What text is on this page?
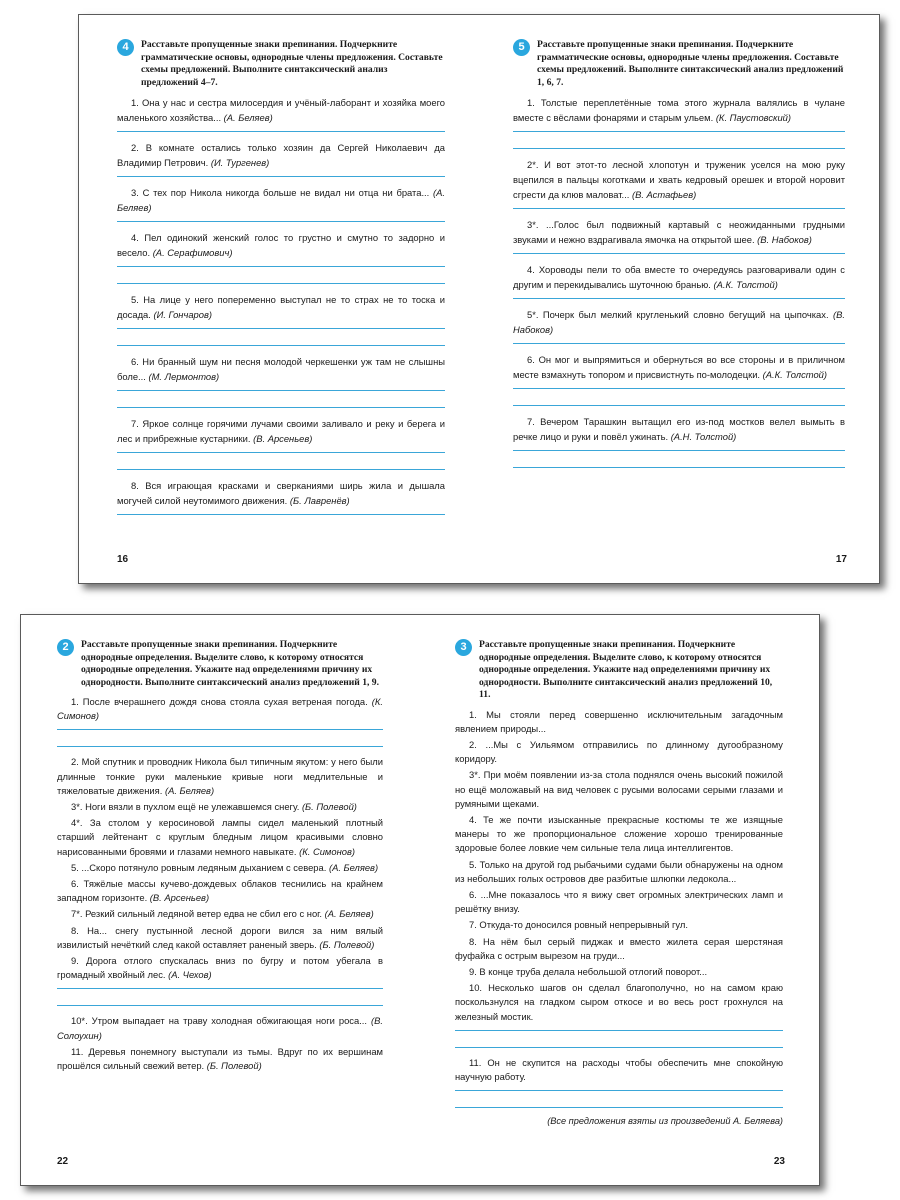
4	Расставьте пропущенные знаки препинания. Подчеркните грамматические основы, однородные члены предложения. Составьте схемы предложений. Выполните синтаксический анализ предложений 4–7.

1. Она у нас и сестра милосердия и учёный-лаборант и хозяйка моего маленького хозяйства... (А. Беляев)

2. В комнате остались только хозяин да Сергей Николаевич да Владимир Петрович. (И. Тургенев)

3. С тех пор Никола никогда больше не видал ни отца ни брата... (А. Беляев)

4. Пел одинокий женский голос то грустно и смутно то задорно и весело. (А. Серафимович)

5. На лице у него попеременно выступал не то страх не то тоска и досада. (И. Гончаров)

6. Ни бранный шум ни песня молодой черкешенки уж там не слышны боле... (М. Лермонтов)

7. Яркое солнце горячими лучами своими заливало и реку и берега и лес и прибрежные кустарники. (В. Арсеньев)

8. Вся играющая красками и сверканиями ширь жила и дышала могучей силой неутомимого движения. (Б. Лавренёв)

16
5	Расставьте пропущенные знаки препинания. Подчеркните грамматические основы, однородные члены предложения. Составьте схемы предложений. Выполните синтаксический анализ предложений 1, 6, 7.

1. Толстые переплетённые тома этого журнала валялись в чулане вместе с вёслами фонарями и старым ульем. (К. Паустовский)

2*. И вот этот-то лесной хлопотун и труженик уселся на мою руку вцепился в пальцы коготками и хвать кедровый орешек и второй норовит сгрести да клюв маловат... (В. Астафьев)

3*. ...Голос был подвижный картавый с неожиданными грудными звуками и нежно вздрагивала ямочка на открытой шее. (В. Набоков)

4. Хороводы пели то оба вместе то очередуясь разговаривали один с другим и перекидывались шуточною бранью. (А.К. Толстой)

5*. Почерк был мелкий кругленький словно бегущий на цыпочках. (В. Набоков)

6. Он мог и выпрямиться и обернуться во все стороны и в приличном месте взмахнуть топором и присвистнуть по-молодецки. (А.К. Толстой)

7. Вечером Тарашкин вытащил его из-под мостков велел вымыть в речке лицо и руки и повёл ужинать. (А.Н. Толстой)

17
2	Расставьте пропущенные знаки препинания. Подчеркните однородные определения. Выделите слово, к которому относятся однородные определения. Укажите над определениями причину их однородности. Выполните синтаксический анализ предложений 1, 9.

1. После вчерашнего дождя снова стояла сухая ветреная погода. (К. Симонов)

2. Мой спутник и проводник Никола был типичным якутом: у него были длинные тонкие руки маленькие кривые ноги медлительные и тяжеловатые движения. (А. Беляев)

3*. Ноги вязли в пухлом ещё не улежавшемся снегу. (Б. Полевой)

4*. За столом у керосиновой лампы сидел маленький плотный старший лейтенант с круглым бледным лицом красивыми словно нарисованными бровями и глазами немного навыкате. (К. Симонов)

5. ...Скоро потянуло ровным ледяным дыханием с севера. (А. Беляев)

6. Тяжёлые массы кучево-дождевых облаков теснились на крайнем западном горизонте. (В. Арсеньев)

7*. Резкий сильный ледяной ветер едва не сбил его с ног. (А. Беляев)

8. На... снегу пустынной лесной дороги вился за ним вялый извилистый нечёткий след какой оставляет раненый зверь. (Б. Полевой)

9. Дорога отлого спускалась вниз по бугру и потом убегала в громадный хвойный лес. (А. Чехов)

10*. Утром выпадает на траву холодная обжигающая ноги роса... (В. Солоухин)

11. Деревья понемногу выступали из тьмы. Вдруг по их вершинам прошёлся сильный свежий ветер. (Б. Полевой)

22
3	Расставьте пропущенные знаки препинания. Подчеркните однородные определения. Выделите слово, к которому относятся однородные определения. Укажите над определениями причину их однородности. Выполните синтаксический анализ предложений 10, 11.

1. Мы стояли перед совершенно исключительным загадочным явлением природы...

2. ...Мы с Уильямом отправились по длинному дугообразному коридору.

3*. При моём появлении из-за стола поднялся очень высокий пожилой но ещё моложавый на вид человек с русыми волосами серыми глазами и румяными щеками.

4. Те же почти изысканные прекрасные костюмы те же изящные манеры то же пропорциональное сложение хорошо тренированные здоровые более ловкие чем сильные тела лица интеллигентов.

5. Только на другой год рыбачьими судами были обнаружены на одном из небольших голых островов две разбитые шлюпки ледокола...

6. ...Мне показалось что я вижу свет огромных электрических ламп и решётку внизу.

7. Откуда-то доносился ровный непрерывный гул.

8. На нём был серый пиджак и вместо жилета серая шерстяная фуфайка с острым вырезом на груди...

9. В конце труба делала небольшой отлогий поворот...

10. Несколько шагов он сделал благополучно, но на самом краю поскользнулся на гладком сыром откосе и во весь рост грохнулся на железный мостик.

11. Он не скупится на расходы чтобы обеспечить мне спокойную научную работу.

(Все предложения взяты из произведений А. Беляева)
23
